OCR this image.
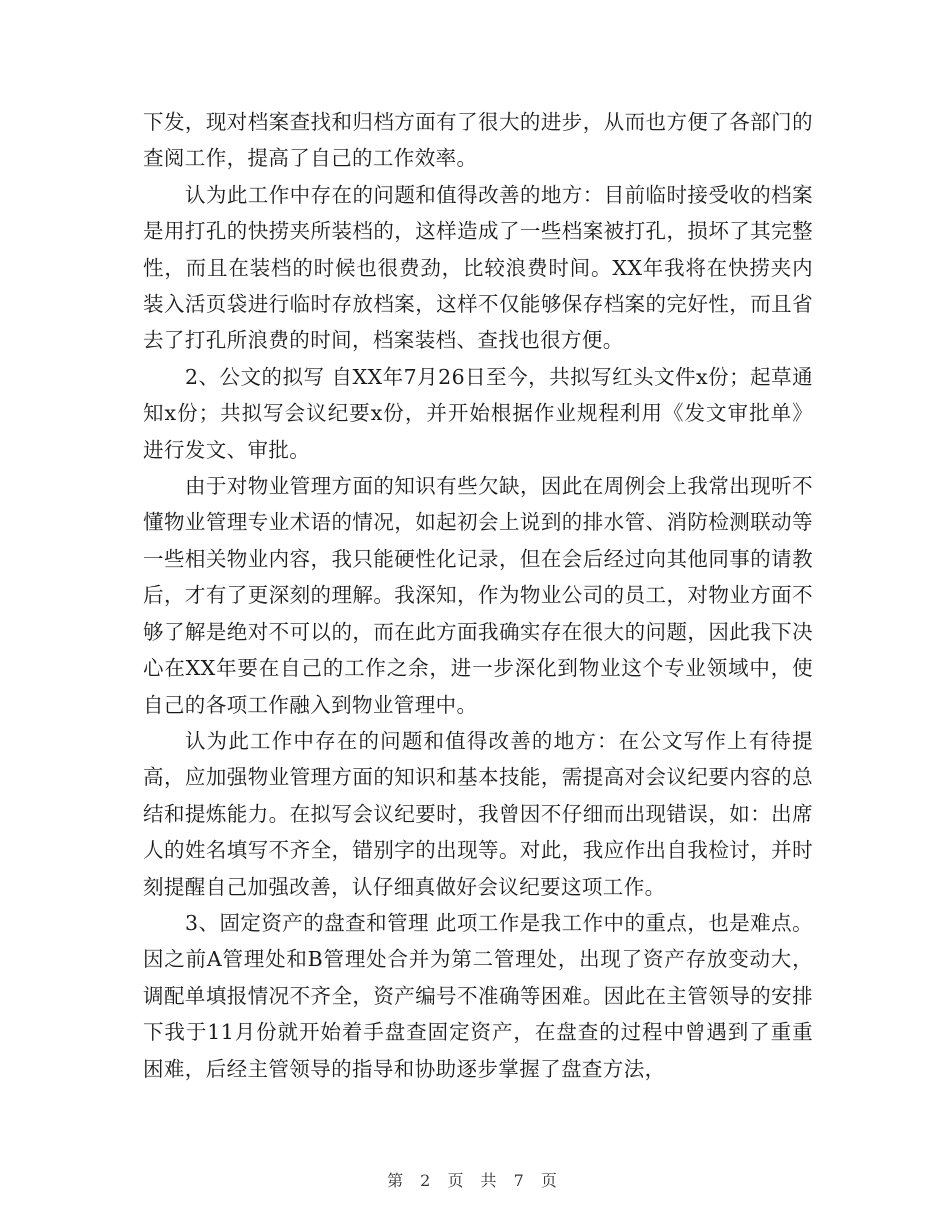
下发，现对档案查找和归档方面有了很大的进步，从而也方便了各部门的查阅工作，提高了自己的工作效率。

认为此工作中存在的问题和值得改善的地方：目前临时接受收的档案是用打孔的快捞夹所装档的，这样造成了一些档案被打孔，损坏了其完整性，而且在装档的时候也很费劲，比较浪费时间。XX年我将在快捞夹内装入活页袋进行临时存放档案，这样不仅能够保存档案的完好性，而且省去了打孔所浪费的时间，档案装档、查找也很方便。

2、公文的拟写 自XX年7月26日至今，共拟写红头文件x份；起草通知x份；共拟写会议纪要x份，并开始根据作业规程利用《发文审批单》进行发文、审批。

由于对物业管理方面的知识有些欠缺，因此在周例会上我常出现听不懂物业管理专业术语的情况，如起初会上说到的排水管、消防检测联动等一些相关物业内容，我只能硬性化记录，但在会后经过向其他同事的请教后，才有了更深刻的理解。我深知，作为物业公司的员工，对物业方面不够了解是绝对不可以的，而在此方面我确实存在很大的问题，因此我下决心在XX年要在自己的工作之余，进一步深化到物业这个专业领域中，使自己的各项工作融入到物业管理中。

认为此工作中存在的问题和值得改善的地方：在公文写作上有待提高，应加强物业管理方面的知识和基本技能，需提高对会议纪要内容的总结和提炼能力。在拟写会议纪要时，我曾因不仔细而出现错误，如：出席人的姓名填写不齐全，错别字的出现等。对此，我应作出自我检讨，并时刻提醒自己加强改善，认仔细真做好会议纪要这项工作。

3、固定资产的盘查和管理 此项工作是我工作中的重点，也是难点。因之前A管理处和B管理处合并为第二管理处，出现了资产存放变动大，调配单填报情况不齐全，资产编号不准确等困难。因此在主管领导的安排下我于11月份就开始着手盘查固定资产，在盘查的过程中曾遇到了重重困难，后经主管领导的指导和协助逐步掌握了盘查方法，

第 2 页 共 7 页
